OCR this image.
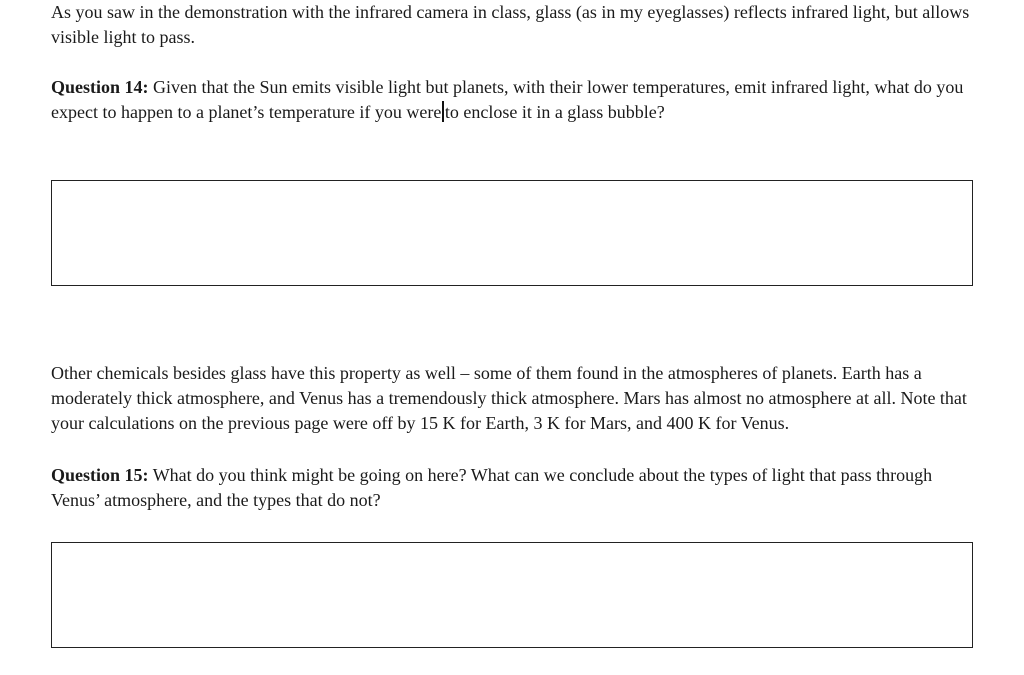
As you saw in the demonstration with the infrared camera in class, glass (as in my eyeglasses) reflects infrared light, but allows visible light to pass.

Question 14: Given that the Sun emits visible light but planets, with their lower temperatures, emit infrared light, what do you expect to happen to a planet’s temperature if you were to enclose it in a glass bubble?

Other chemicals besides glass have this property as well – some of them found in the atmospheres of planets. Earth has a moderately thick atmosphere, and Venus has a tremendously thick atmosphere. Mars has almost no atmosphere at all. Note that your calculations on the previous page were off by 15 K for Earth, 3 K for Mars, and 400 K for Venus.

Question 15: What do you think might be going on here? What can we conclude about the types of light that pass through Venus’ atmosphere, and the types that do not?
